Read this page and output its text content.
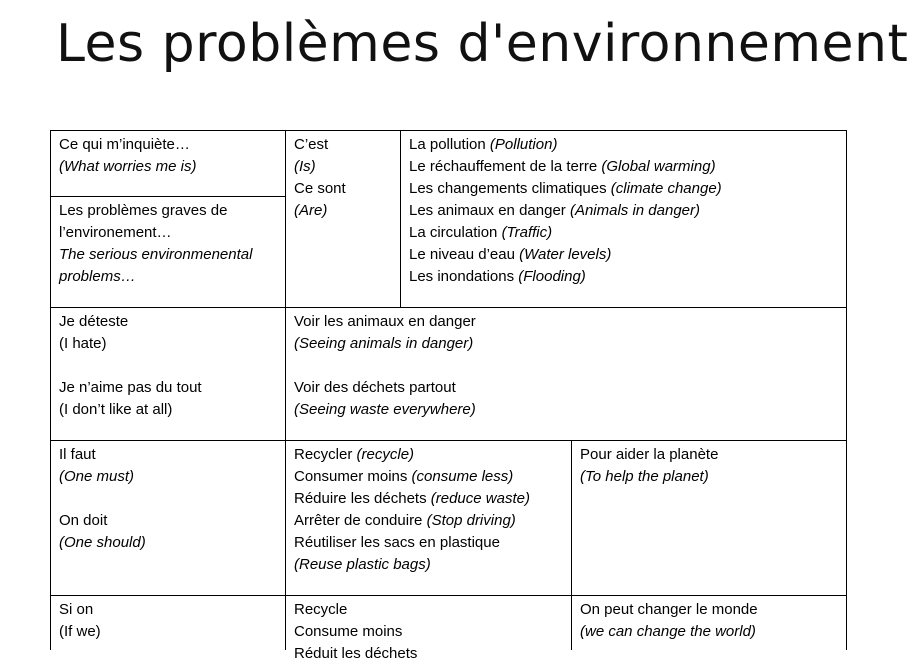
Les problèmes d'environnement
Ce qui m’inquiète…
(What worries me is)
Les problèmes graves de
l’environement…
The serious environmenental
problems…
C’est
(Is)
Ce sont
(Are)
La pollution (Pollution)
Le réchauffement de la terre (Global warming)
Les changements climatiques (climate change)
Les animaux en danger (Animals in danger)
La circulation (Traffic)
Le niveau d’eau (Water levels)
Les inondations (Flooding)
Je déteste
(I hate)
Je n’aime pas du tout
(I don’t like at all)
Voir les animaux en danger
(Seeing animals in danger)
Voir des déchets partout
(Seeing waste everywhere)
Il faut
(One must)
On doit
(One should)
Recycler (recycle)
Consumer moins (consume less)
Réduire les déchets (reduce waste)
Arrêter de conduire (Stop driving)
Réutiliser les sacs en plastique
(Reuse plastic bags)
Pour aider la planète
(To help the planet)
Si on
(If we)
Recycle
Consume moins
Réduit les déchets
On peut changer le monde
(we can change the world)
